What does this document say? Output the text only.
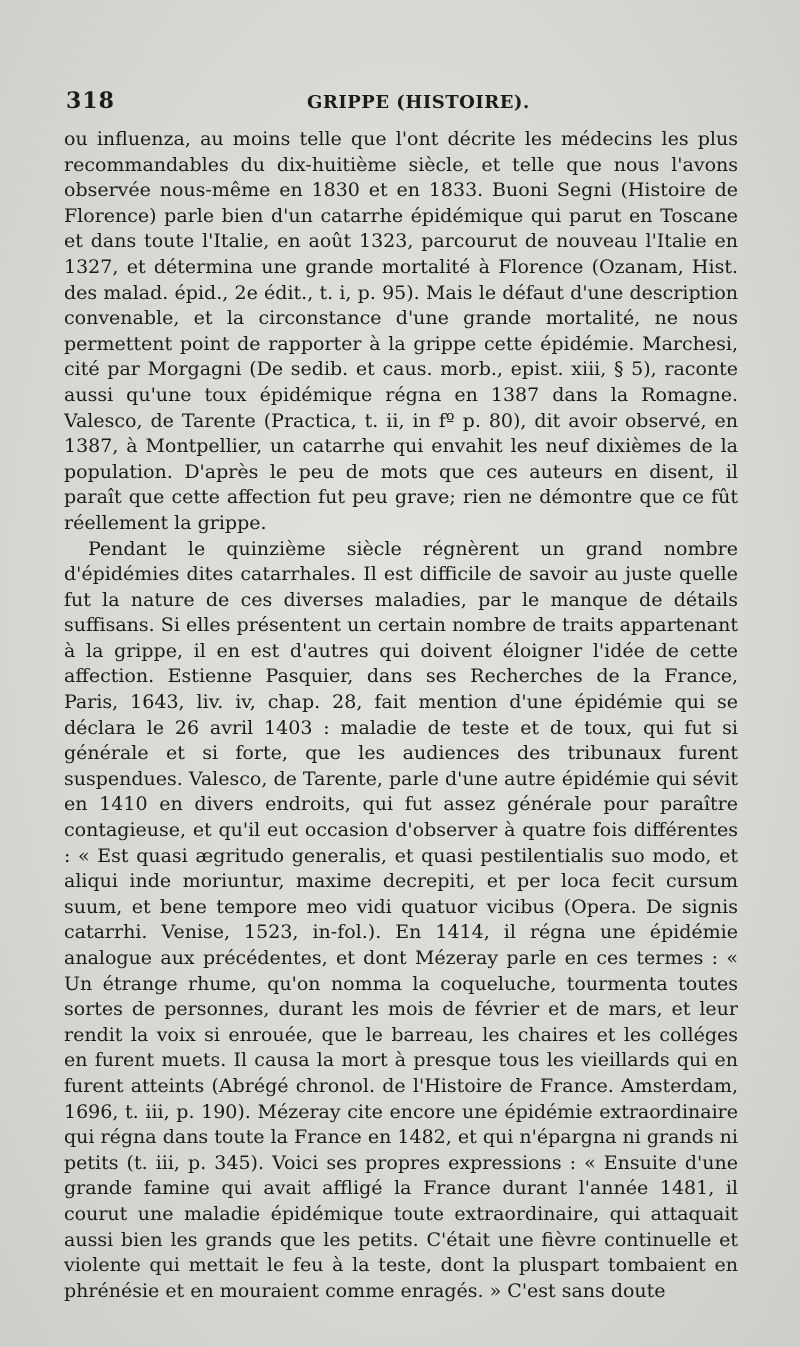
318	GRIPPE (HISTOIRE).

ou influenza, au moins telle que l'ont décrite les médecins les plus recommandables du dix-huitième siècle, et telle que nous l'avons observée nous-même en 1830 et en 1833. Buoni Segni (Histoire de Florence) parle bien d'un catarrhe épidémique qui parut en Toscane et dans toute l'Italie, en août 1323, parcourut de nouveau l'Italie en 1327, et détermina une grande mortalité à Florence (Ozanam, Hist. des malad. épid., 2e édit., t. i, p. 95). Mais le défaut d'une description convenable, et la circonstance d'une grande mortalité, ne nous permettent point de rapporter à la grippe cette épidémie. Marchesi, cité par Morgagni (De sedib. et caus. morb., epist. xiii, § 5), raconte aussi qu'une toux épidémique régna en 1387 dans la Romagne. Valesco, de Tarente (Practica, t. ii, in fº p. 80), dit avoir observé, en 1387, à Montpellier, un catarrhe qui envahit les neuf dixièmes de la population. D'après le peu de mots que ces auteurs en disent, il paraît que cette affection fut peu grave; rien ne démontre que ce fût réellement la grippe.

Pendant le quinzième siècle régnèrent un grand nombre d'épidémies dites catarrhales. Il est difficile de savoir au juste quelle fut la nature de ces diverses maladies, par le manque de détails suffisans. Si elles présentent un certain nombre de traits appartenant à la grippe, il en est d'autres qui doivent éloigner l'idée de cette affection. Estienne Pasquier, dans ses Recherches de la France, Paris, 1643, liv. iv, chap. 28, fait mention d'une épidémie qui se déclara le 26 avril 1403 : maladie de teste et de toux, qui fut si générale et si forte, que les audiences des tribunaux furent suspendues. Valesco, de Tarente, parle d'une autre épidémie qui sévit en 1410 en divers endroits, qui fut assez générale pour paraître contagieuse, et qu'il eut occasion d'observer à quatre fois différentes : « Est quasi ægritudo generalis, et quasi pestilentialis suo modo, et aliqui inde moriuntur, maxime decrepiti, et per loca fecit cursum suum, et bene tempore meo vidi quatuor vicibus (Opera. De signis catarrhi. Venise, 1523, in-fol.). En 1414, il régna une épidémie analogue aux précédentes, et dont Mézeray parle en ces termes : « Un étrange rhume, qu'on nomma la coqueluche, tourmenta toutes sortes de personnes, durant les mois de février et de mars, et leur rendit la voix si enrouée, que le barreau, les chaires et les colléges en furent muets. Il causa la mort à presque tous les vieillards qui en furent atteints (Abrégé chronol. de l'Histoire de France. Amsterdam, 1696, t. iii, p. 190). Mézeray cite encore une épidémie extraordinaire qui régna dans toute la France en 1482, et qui n'épargna ni grands ni petits (t. iii, p. 345). Voici ses propres expressions : « Ensuite d'une grande famine qui avait affligé la France durant l'année 1481, il courut une maladie épidémique toute extraordinaire, qui attaquait aussi bien les grands que les petits. C'était une fièvre continuelle et violente qui mettait le feu à la teste, dont la pluspart tombaient en phrénésie et en mouraient comme enragés. » C'est sans doute
